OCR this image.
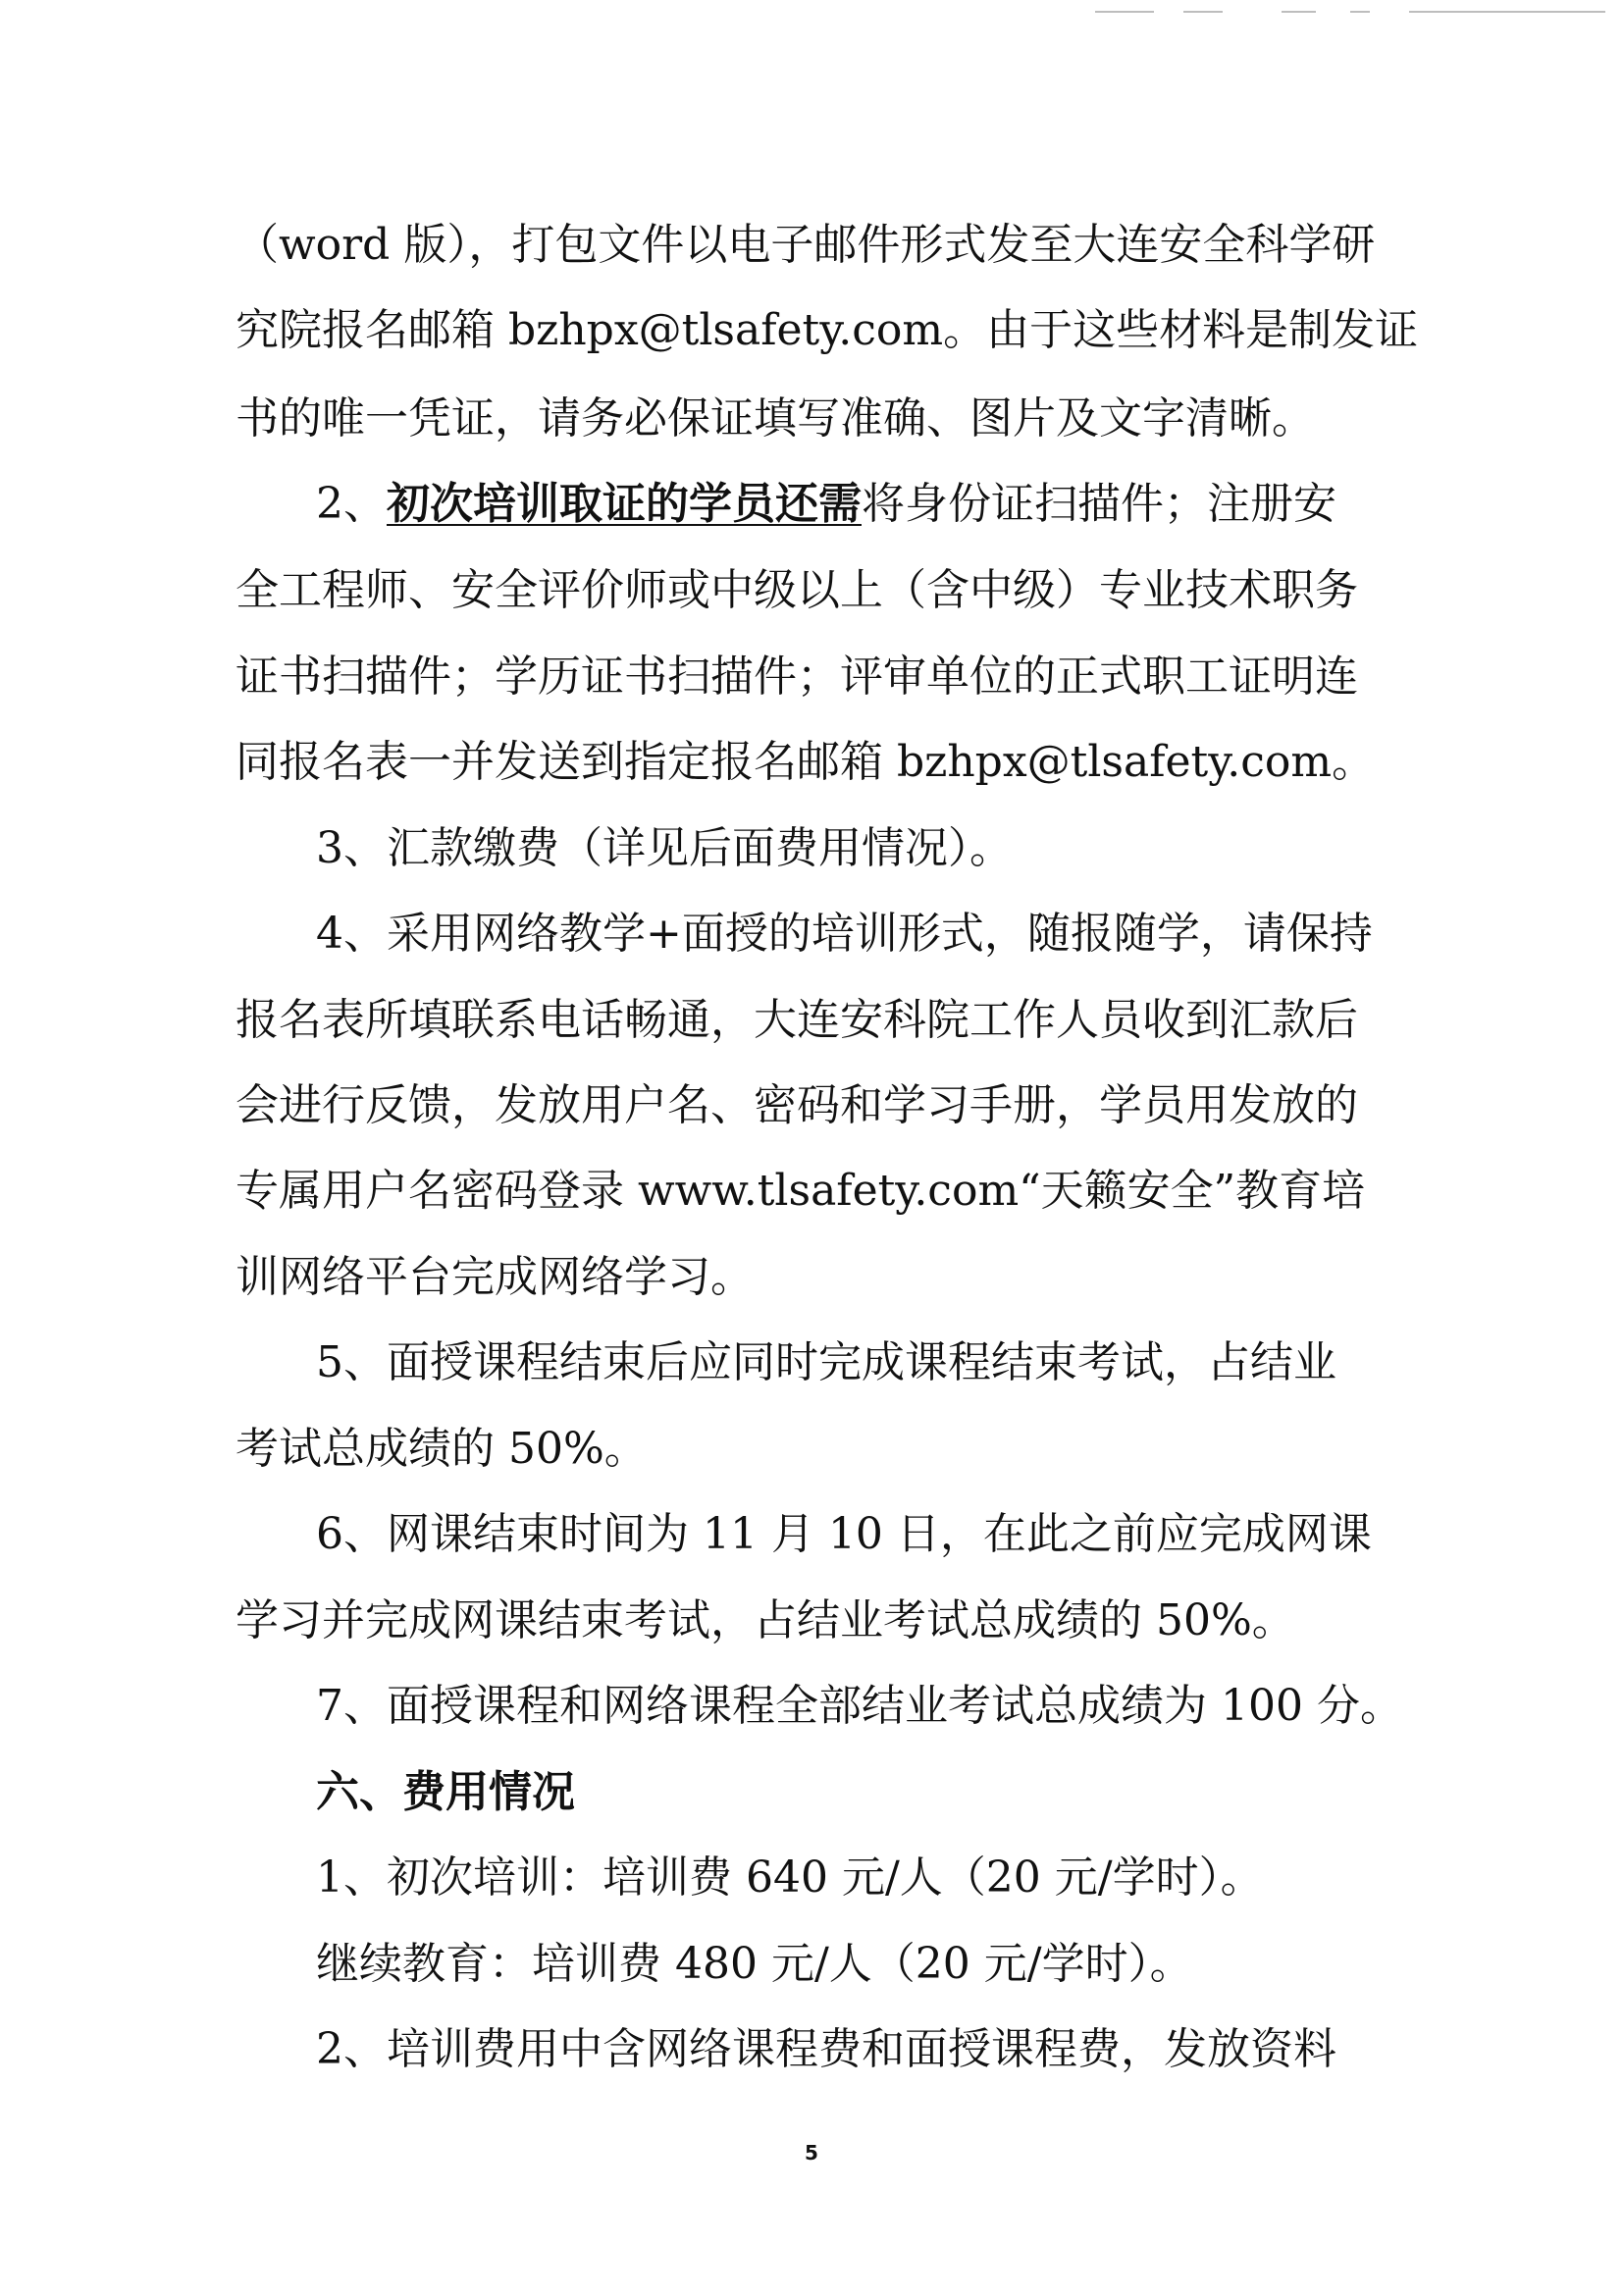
（word 版），打包文件以电子邮件形式发至大连安全科学研
究院报名邮箱 bzhpx@tlsafety.com。由于这些材料是制发证
书的唯一凭证，请务必保证填写准确、图片及文字清晰。
2、初次培训取证的学员还需将身份证扫描件；注册安
全工程师、安全评价师或中级以上（含中级）专业技术职务
证书扫描件；学历证书扫描件；评审单位的正式职工证明连
同报名表一并发送到指定报名邮箱 bzhpx@tlsafety.com。
3、汇款缴费（详见后面费用情况）。
4、采用网络教学+面授的培训形式，随报随学，请保持
报名表所填联系电话畅通，大连安科院工作人员收到汇款后
会进行反馈，发放用户名、密码和学习手册，学员用发放的
专属用户名密码登录 www.tlsafety.com“天籁安全”教育培
训网络平台完成网络学习。
5、面授课程结束后应同时完成课程结束考试，占结业
考试总成绩的 50%。
6、网课结束时间为 11 月 10 日，在此之前应完成网课
学习并完成网课结束考试，占结业考试总成绩的 50%。
7、面授课程和网络课程全部结业考试总成绩为 100 分。
六、费用情况
1、初次培训：培训费 640 元/人（20 元/学时）。
继续教育：培训费 480 元/人（20 元/学时）。
2、培训费用中含网络课程费和面授课程费，发放资料
5
